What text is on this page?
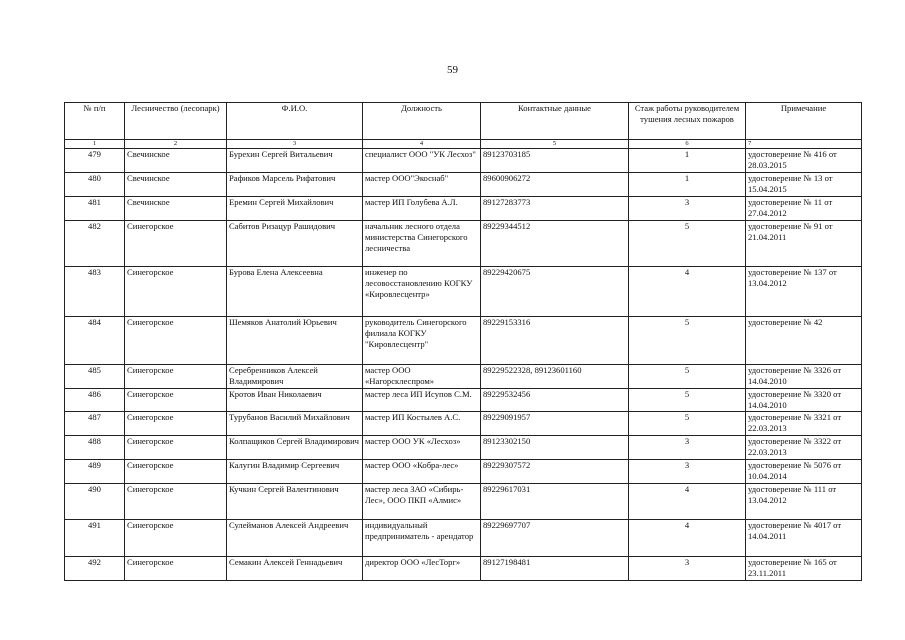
59
№ п/п	Лесничество (лесопарк)	Ф.И.О.	Должность	Контактные данные	Стаж работы руководителем тушения лесных пожаров	Примечание
1	2	3	4	5	6	7
479	Свечинское	Бурехин Сергей Витальевич	специалист ООО "УК Лесхоз"	89123703185	1	удостоверение № 416 от 28.03.2015
480	Свечинское	Рафиков Марсель Рифатович	мастер ООО"Экоснаб"	89600906272	1	удостоверение № 13 от 15.04.2015
481	Свечинское	Еремин Сергей Михайлович	мастер ИП Голубева А.Л.	89127283773	3	удостоверение № 11 от 27.04.2012
482	Синегорское	Сабитов Ризацур Рашидович	начальник лесного отдела министерства Синегорского лесничества	89229344512	5	удостоверение № 91 от 21.04.2011
483	Синегорское	Бурова Елена Алексеевна	инженер по лесовосстановлению КОГКУ «Кировлесцентр»	89229420675	4	удостоверение № 137 от 13.04.2012
484	Синегорское	Шемяков Анатолий Юрьевич	руководитель Синегорского филиала КОГКУ "Кировлесцентр"	89229153316	5	удостоверение № 42
485	Синегорское	Серебренников Алексей Владимирович	мастер ООО «Нагорсклеспром»	89229522328, 89123601160	5	удостоверение № 3326 от 14.04.2010
486	Синегорское	Кротов Иван Николаевич	мастер леса ИП Исупов С.М.	89229532456	5	удостоверение № 3320 от 14.04.2010
487	Синегорское	Турубанов Василий Михайлович	мастер ИП Костылев А.С.	89229091957	5	удостоверение № 3321 от 22.03.2013
488	Синегорское	Колпащиков Сергей Владимирович	мастер ООО УК «Лесхоз»	89123302150	3	удостоверение № 3322 от 22.03.2013
489	Синегорское	Калугин Владимир Сергеевич	мастер ООО «Кобра-лес»	89229307572	3	удостоверение № 5076 от 10.04.2014
490	Синегорское	Кучкин Сергей Валентинович	мастер леса ЗАО «Сибирь-Лес», ООО ПКП «Алмис»	89229617031	4	удостоверение № 111 от 13.04.2012
491	Синегорское	Сулейманов Алексей Андреевич	индивидуальный предприниматель - арендатор	89229697707	4	удостоверение № 4017 от 14.04.2011
492	Синегорское	Семакин Алексей Геннадьевич	директор ООО «ЛесТорг»	89127198481	3	удостоверение № 165 от 23.11.2011
